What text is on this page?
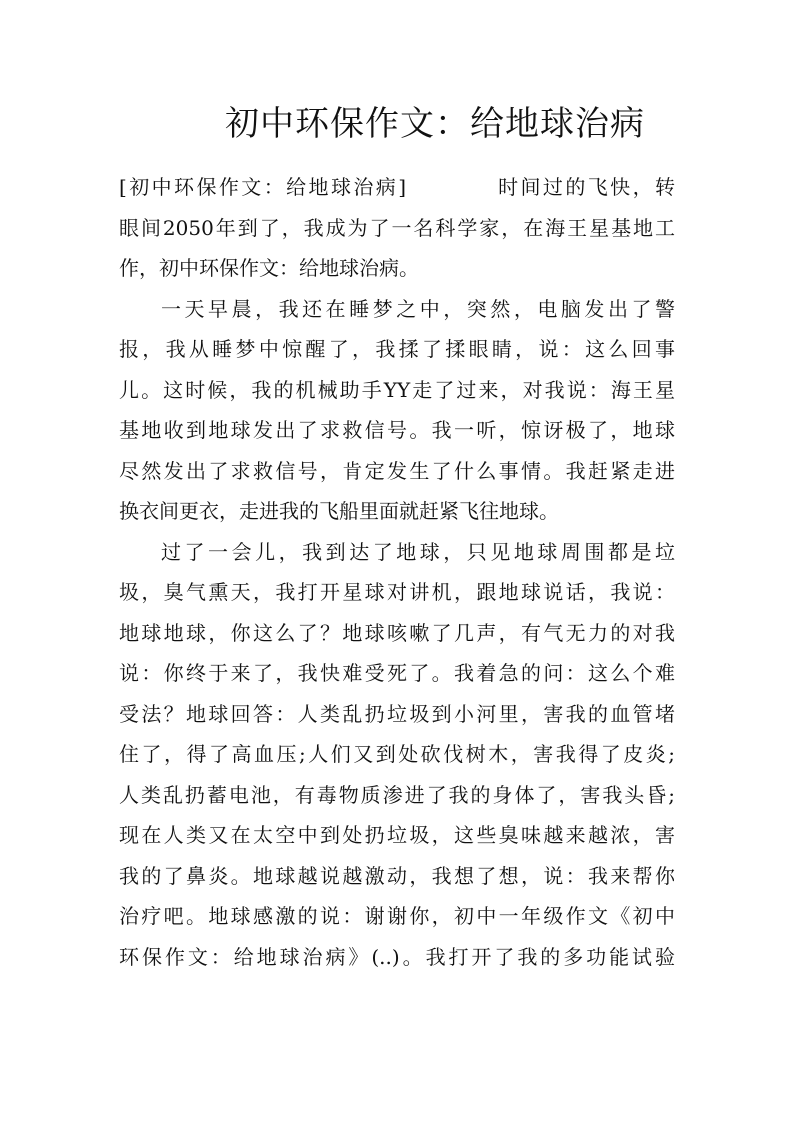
初中环保作文：给地球治病
[初中环保作文：给地球治病]　　　　时间过的飞快，转
眼间2050年到了，我成为了一名科学家，在海王星基地工
作，初中环保作文：给地球治病。
一天早晨，我还在睡梦之中，突然，电脑发出了警
报，我从睡梦中惊醒了，我揉了揉眼睛，说：这么回事
儿。这时候，我的机械助手YY走了过来，对我说：海王星
基地收到地球发出了求救信号。我一听，惊讶极了，地球
尽然发出了求救信号，肯定发生了什么事情。我赶紧走进
换衣间更衣，走进我的飞船里面就赶紧飞往地球。
过了一会儿，我到达了地球，只见地球周围都是垃
圾，臭气熏天，我打开星球对讲机，跟地球说话，我说：
地球地球，你这么了？地球咳嗽了几声，有气无力的对我
说：你终于来了，我快难受死了。我着急的问：这么个难
受法？地球回答：人类乱扔垃圾到小河里，害我的血管堵
住了，得了高血压;人们又到处砍伐树木，害我得了皮炎;
人类乱扔蓄电池，有毒物质渗进了我的身体了，害我头昏;
现在人类又在太空中到处扔垃圾，这些臭味越来越浓，害
我的了鼻炎。地球越说越激动，我想了想，说：我来帮你
治疗吧。地球感激的说：谢谢你，初中一年级作文《初中
环保作文：给地球治病》(..)。我打开了我的多功能试验
